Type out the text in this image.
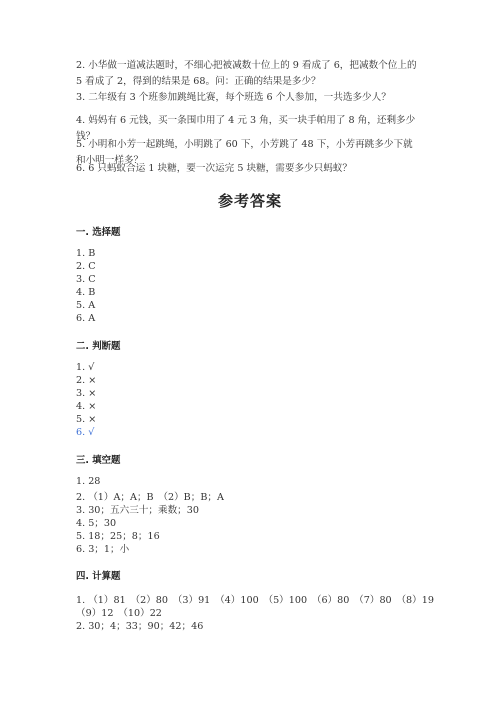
2. 小华做一道减法题时，不细心把被减数十位上的 9 看成了 6，把减数个位上的 5 看成了 2，得到的结果是 68。问：正确的结果是多少？

3. 二年级有 3 个班参加跳绳比赛，每个班选 6 个人参加，一共选多少人？

4. 妈妈有 6 元钱，买一条围巾用了 4 元 3 角，买一块手帕用了 8 角，还剩多少钱？

5. 小明和小芳一起跳绳，小明跳了 60 下，小芳跳了 48 下，小芳再跳多少下就和小明一样多？

6. 6 只蚂蚁合运 1 块糖，要一次运完 5 块糖，需要多少只蚂蚁？

参考答案
一. 选择题
1. B
2. C
3. C
4. B
5. A
6. A
二. 判断题
1. √
2. ×
3. ×
4. ×
5. ×
6. √
三. 填空题
1. 28
2. （1）A；A；B　（2）B；B；A
3. 30；五六三十；乘数；30
4. 5；30
5. 18；25；8；16
6. 3；1；小
四. 计算题
1. （1）81　（2）80　（3）91　（4）100　（5）100　（6）80　（7）80　（8）19
（9）12　（10）22
2. 30；4；33；90；42；46
